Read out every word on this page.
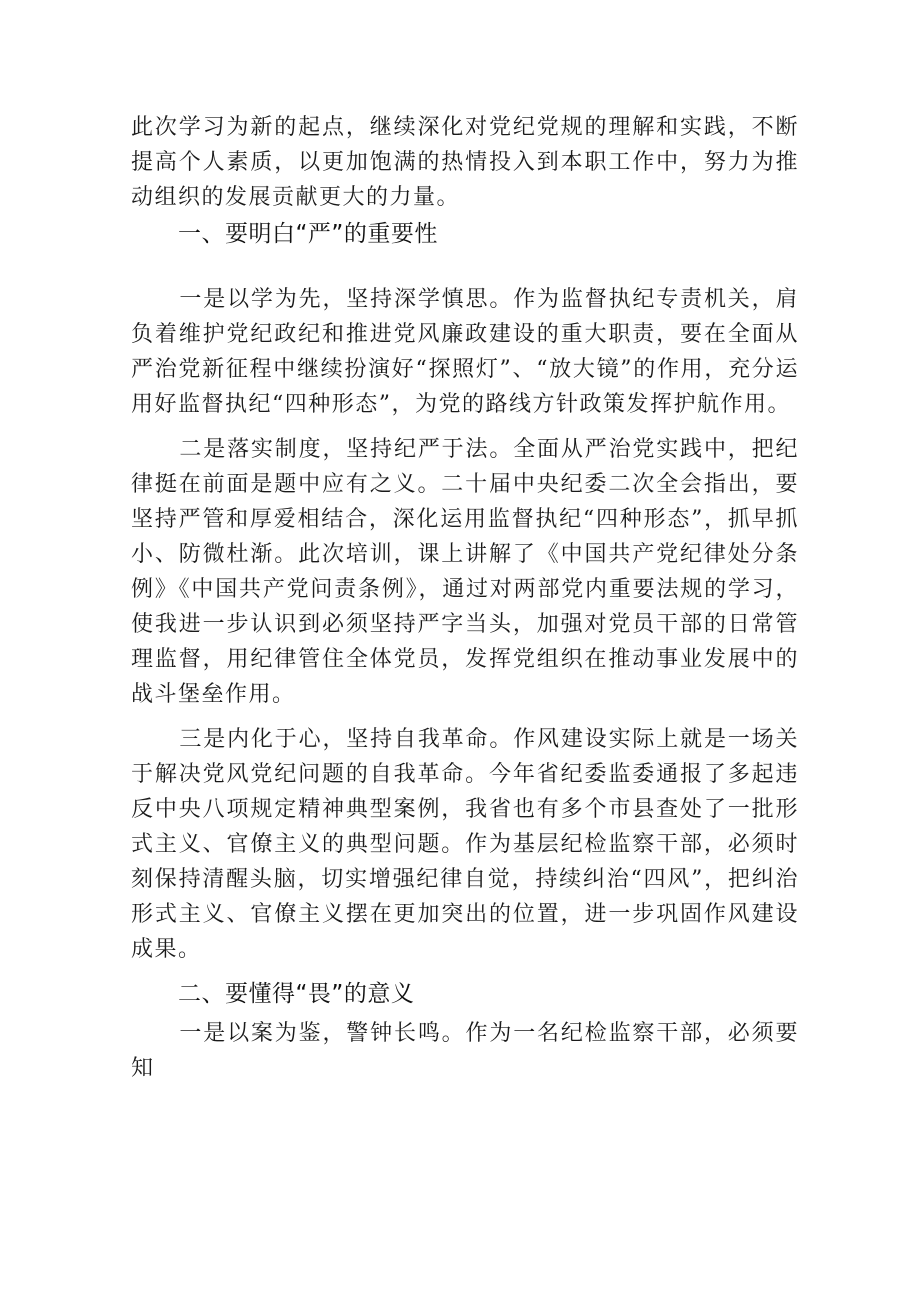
此次学习为新的起点，继续深化对党纪党规的理解和实践，不断提高个人素质，以更加饱满的热情投入到本职工作中，努力为推动组织的发展贡献更大的力量。

一、要明白“严”的重要性

一是以学为先，坚持深学慎思。作为监督执纪专责机关，肩负着维护党纪政纪和推进党风廉政建设的重大职责，要在全面从严治党新征程中继续扮演好“探照灯”、“放大镜”的作用，充分运用好监督执纪“四种形态”，为党的路线方针政策发挥护航作用。

二是落实制度，坚持纪严于法。全面从严治党实践中，把纪律挺在前面是题中应有之义。二十届中央纪委二次全会指出，要坚持严管和厚爱相结合，深化运用监督执纪“四种形态”，抓早抓小、防微杜渐。此次培训，课上讲解了《中国共产党纪律处分条例》《中国共产党问责条例》，通过对两部党内重要法规的学习，使我进一步认识到必须坚持严字当头，加强对党员干部的日常管理监督，用纪律管住全体党员，发挥党组织在推动事业发展中的战斗堡垒作用。

三是内化于心，坚持自我革命。作风建设实际上就是一场关于解决党风党纪问题的自我革命。今年省纪委监委通报了多起违反中央八项规定精神典型案例，我省也有多个市县查处了一批形式主义、官僚主义的典型问题。作为基层纪检监察干部，必须时刻保持清醒头脑，切实增强纪律自觉，持续纠治“四风”，把纠治形式主义、官僚主义摆在更加突出的位置，进一步巩固作风建设成果。

二、要懂得“畏”的意义

一是以案为鉴，警钟长鸣。作为一名纪检监察干部，必须要知
